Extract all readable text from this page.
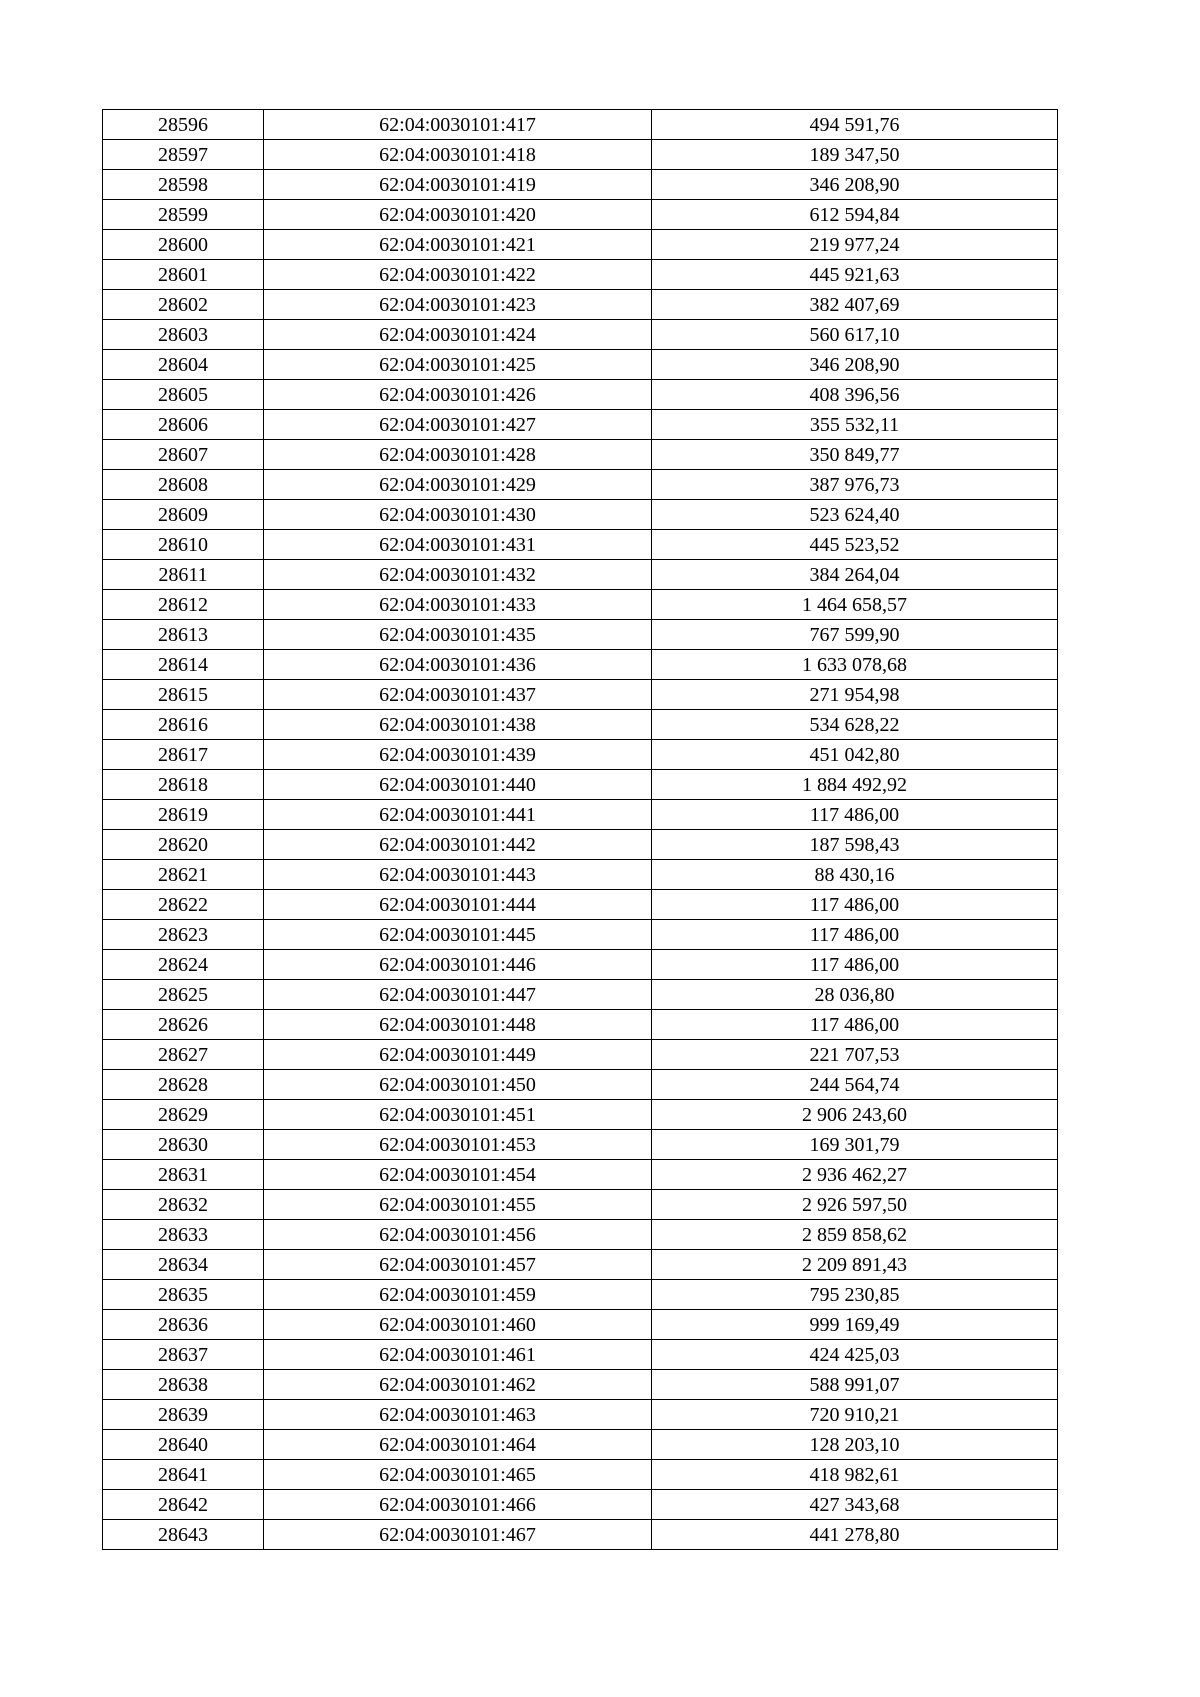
28596	62:04:0030101:417	494 591,76
28597	62:04:0030101:418	189 347,50
28598	62:04:0030101:419	346 208,90
28599	62:04:0030101:420	612 594,84
28600	62:04:0030101:421	219 977,24
28601	62:04:0030101:422	445 921,63
28602	62:04:0030101:423	382 407,69
28603	62:04:0030101:424	560 617,10
28604	62:04:0030101:425	346 208,90
28605	62:04:0030101:426	408 396,56
28606	62:04:0030101:427	355 532,11
28607	62:04:0030101:428	350 849,77
28608	62:04:0030101:429	387 976,73
28609	62:04:0030101:430	523 624,40
28610	62:04:0030101:431	445 523,52
28611	62:04:0030101:432	384 264,04
28612	62:04:0030101:433	1 464 658,57
28613	62:04:0030101:435	767 599,90
28614	62:04:0030101:436	1 633 078,68
28615	62:04:0030101:437	271 954,98
28616	62:04:0030101:438	534 628,22
28617	62:04:0030101:439	451 042,80
28618	62:04:0030101:440	1 884 492,92
28619	62:04:0030101:441	117 486,00
28620	62:04:0030101:442	187 598,43
28621	62:04:0030101:443	88 430,16
28622	62:04:0030101:444	117 486,00
28623	62:04:0030101:445	117 486,00
28624	62:04:0030101:446	117 486,00
28625	62:04:0030101:447	28 036,80
28626	62:04:0030101:448	117 486,00
28627	62:04:0030101:449	221 707,53
28628	62:04:0030101:450	244 564,74
28629	62:04:0030101:451	2 906 243,60
28630	62:04:0030101:453	169 301,79
28631	62:04:0030101:454	2 936 462,27
28632	62:04:0030101:455	2 926 597,50
28633	62:04:0030101:456	2 859 858,62
28634	62:04:0030101:457	2 209 891,43
28635	62:04:0030101:459	795 230,85
28636	62:04:0030101:460	999 169,49
28637	62:04:0030101:461	424 425,03
28638	62:04:0030101:462	588 991,07
28639	62:04:0030101:463	720 910,21
28640	62:04:0030101:464	128 203,10
28641	62:04:0030101:465	418 982,61
28642	62:04:0030101:466	427 343,68
28643	62:04:0030101:467	441 278,80
